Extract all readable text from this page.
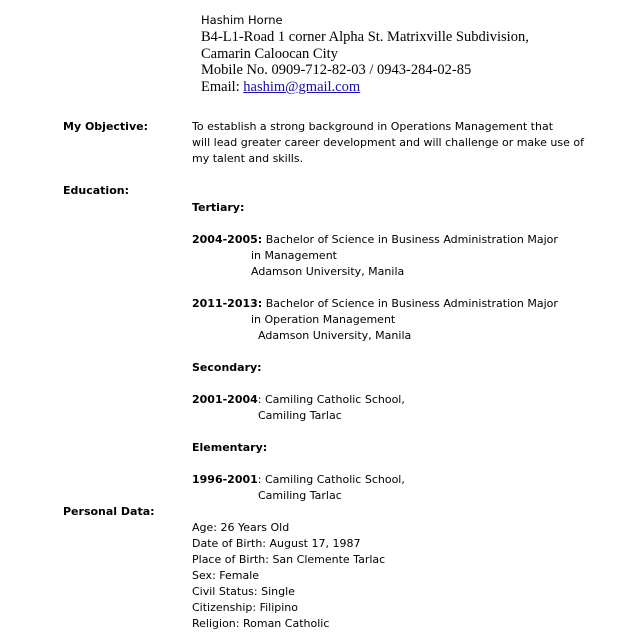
Hashim Horne
B4-L1-Road 1 corner Alpha St. Matrixville Subdivision,
Camarin Caloocan City
Mobile No. 0909-712-82-03 / 0943-284-02-85
Email: hashim@gmail.com
My Objective:	To establish a strong background in Operations Management that
will lead greater career development and will challenge or make use of
my talent and skills.
Education:
Tertiary:
2004-2005: Bachelor of Science in Business Administration Major
in Management
Adamson University, Manila
2011-2013: Bachelor of Science in Business Administration Major
in Operation Management
Adamson University, Manila
Secondary:
2001-2004: Camiling Catholic School,
Camiling Tarlac
Elementary:
1996-2001: Camiling Catholic School,
Camiling Tarlac
Personal Data:
Age: 26 Years Old
Date of Birth: August 17, 1987
Place of Birth: San Clemente Tarlac
Sex: Female
Civil Status: Single
Citizenship: Filipino
Religion: Roman Catholic
